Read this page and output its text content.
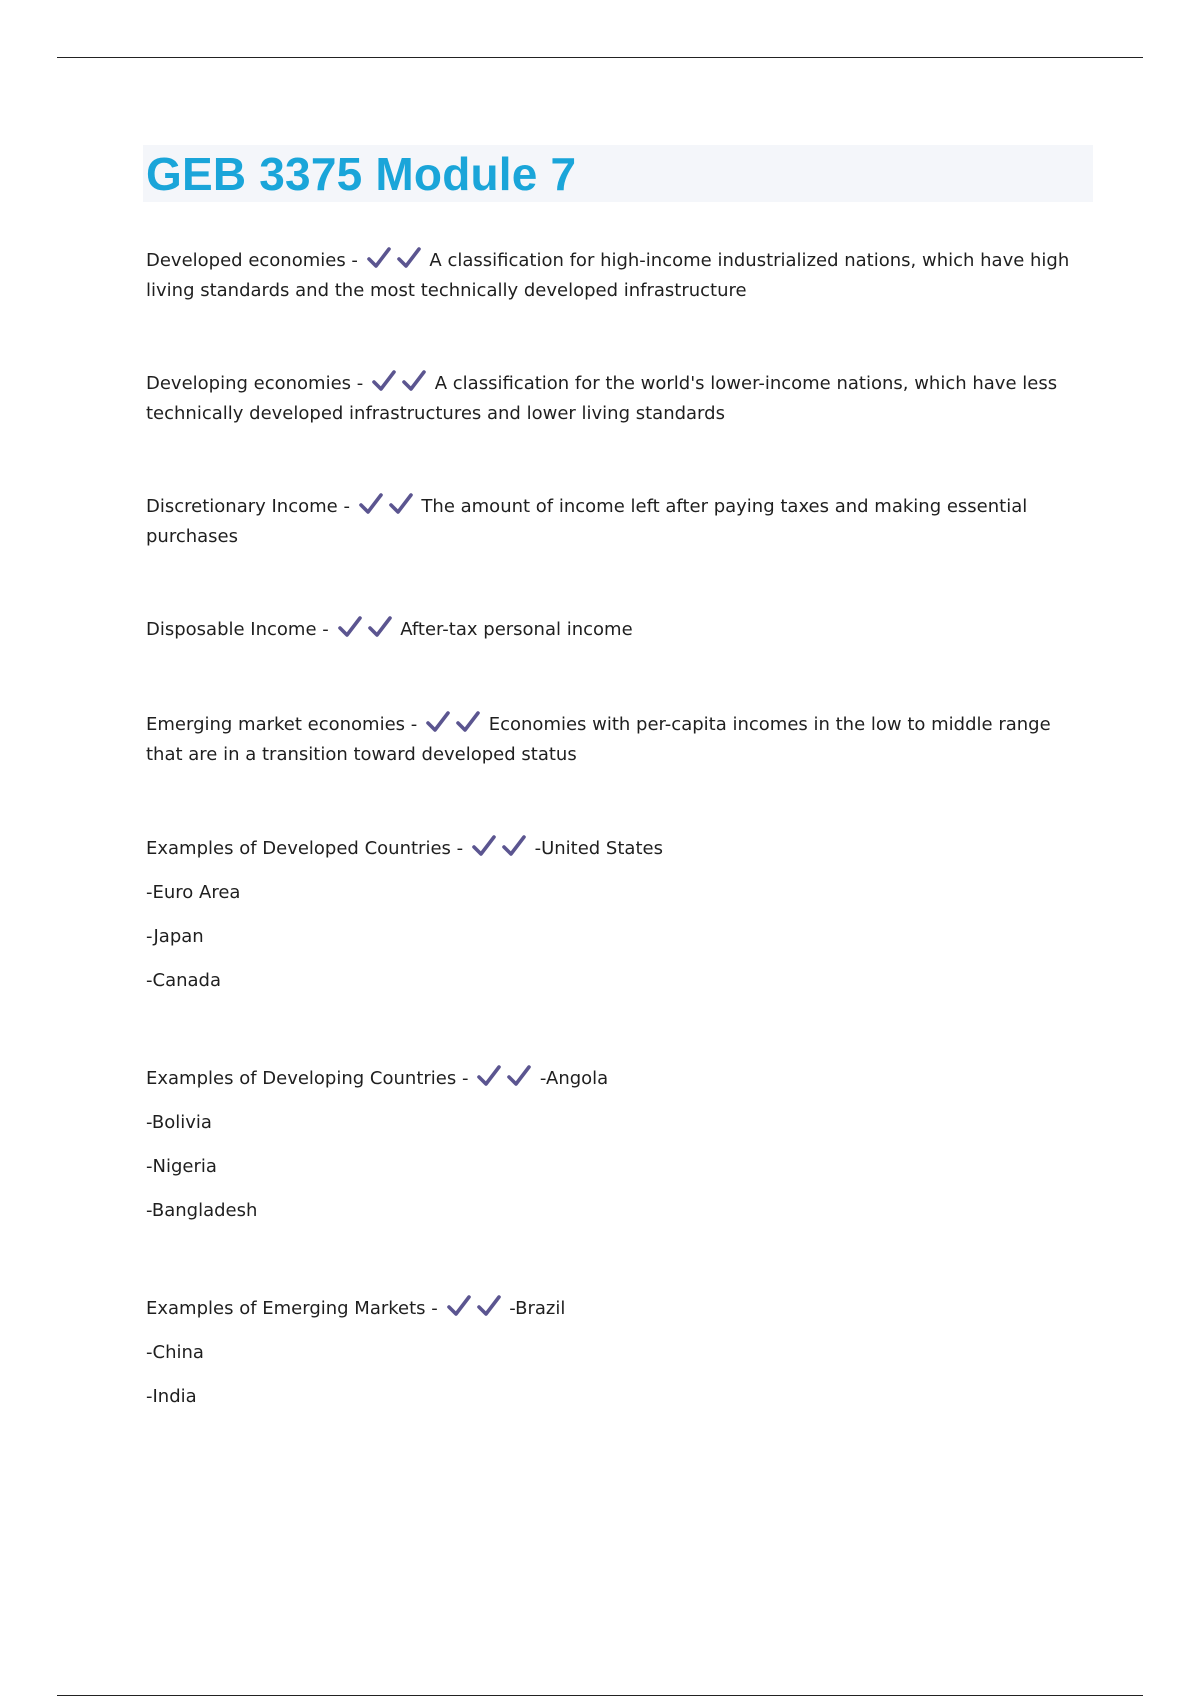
GEB 3375 Module 7

Developed economies -	A classification for high-income industrialized nations, which have high living standards and the most technically developed infrastructure

Developing economies -	A classification for the world's lower-income nations, which have less technically developed infrastructures and lower living standards

Discretionary Income -	The amount of income left after paying taxes and making essential purchases

Disposable Income -	After-tax personal income

Emerging market economies -	Economies with per-capita incomes in the low to middle range that are in a transition toward developed status

Examples of Developed Countries -	-United States

-Euro Area

-Japan

-Canada

Examples of Developing Countries -	-Angola

-Bolivia

-Nigeria

-Bangladesh

Examples of Emerging Markets -	-Brazil

-China

-India
